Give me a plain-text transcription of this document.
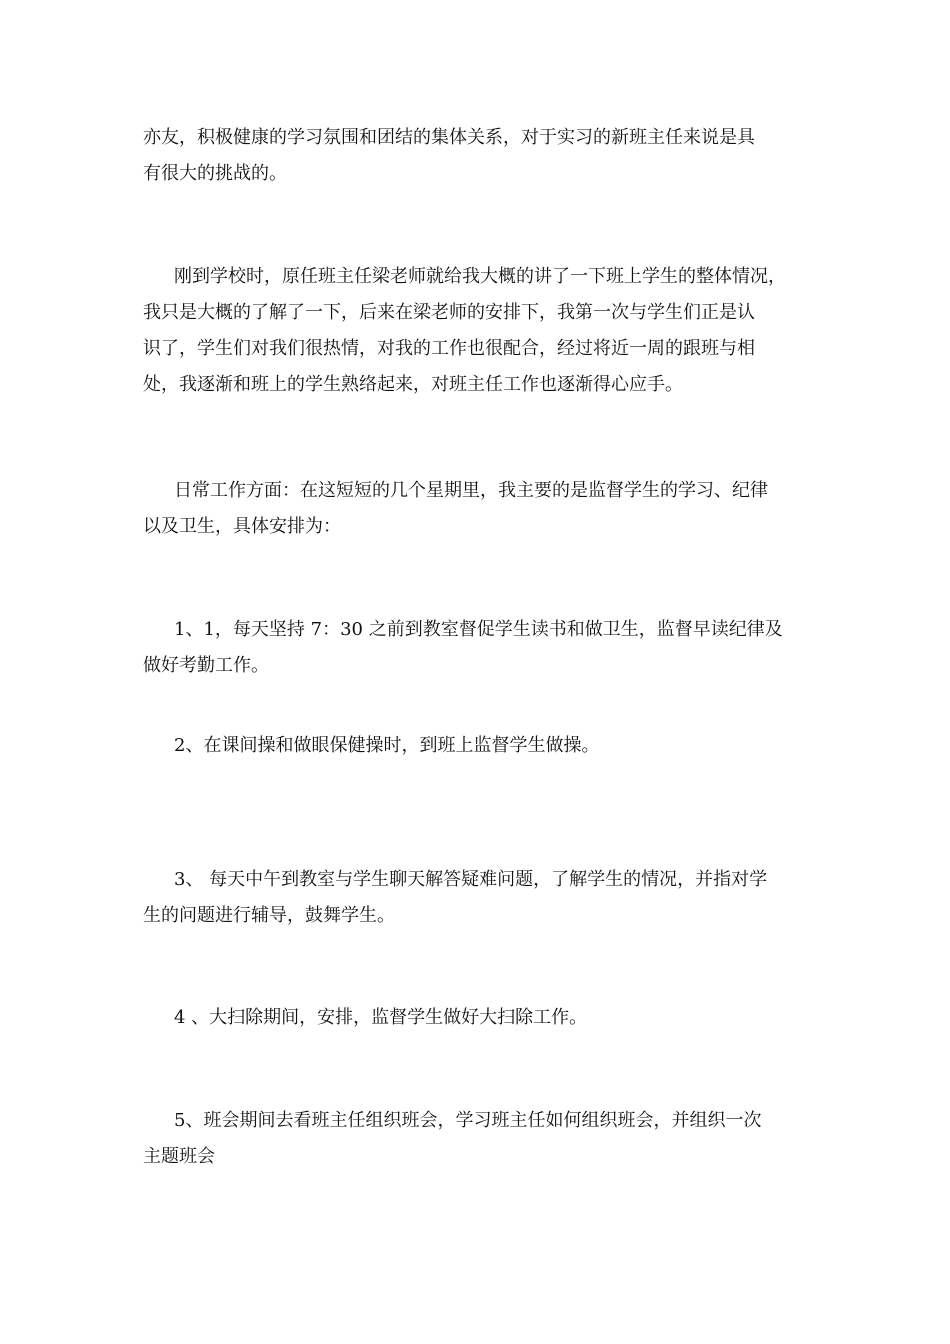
亦友，积极健康的学习氛围和团结的集体关系，对于实习的新班主任来说是具
有很大的挑战的。

刚到学校时，原任班主任梁老师就给我大概的讲了一下班上学生的整体情况，
我只是大概的了解了一下，后来在梁老师的安排下，我第一次与学生们正是认
识了，学生们对我们很热情，对我的工作也很配合，经过将近一周的跟班与相
处，我逐渐和班上的学生熟络起来，对班主任工作也逐渐得心应手。

日常工作方面：在这短短的几个星期里，我主要的是监督学生的学习、纪律
以及卫生，具体安排为：

1、1，每天坚持 7：30 之前到教室督促学生读书和做卫生，监督早读纪律及
做好考勤工作。

2、在课间操和做眼保健操时，到班上监督学生做操。

3、 每天中午到教室与学生聊天解答疑难问题，了解学生的情况，并指对学
生的问题进行辅导，鼓舞学生。

4 、大扫除期间，安排，监督学生做好大扫除工作。

5、班会期间去看班主任组织班会，学习班主任如何组织班会，并组织一次
主题班会
